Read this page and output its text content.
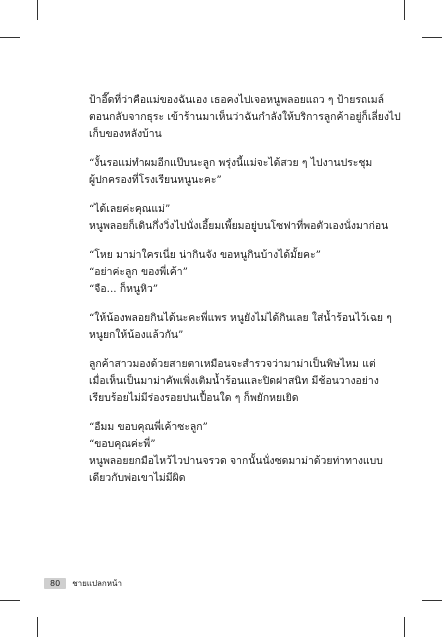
ป้าอี๊ดที่ว่าคือแม่ของฉันเอง เธอคงไปเจอหนูพลอยแถว ๆ ป้ายรถเมล์
ตอนกลับจากธุระ เข้าร้านมาเห็นว่าฉันกำลังให้บริการลูกค้าอยู่ก็เลี่ยงไป
เก็บของหลังบ้าน

“งั้นรอแม่ทำผมอีกแป๊บนะลูก พรุ่งนี้แม่จะได้สวย ๆ ไปงานประชุม
ผู้ปกครองที่โรงเรียนหนูนะคะ”

“ได้เลยค่ะคุณแม่”
หนูพลอยก็เดินกึ่งวิ่งไปนั่งเอี้ยมเพี้ยมอยู่บนโซฟาที่พอตัวเองนั่งมาก่อน

“โหย มาม่าใครเนี่ย น่ากินจัง ขอหนูกินบ้างได้มั้ยคะ”
“อย่าค่ะลูก ของพี่เค้า”
“จือ... ก็หนูหิว”

“ให้น้องพลอยกินได้นะคะพี่แพร หนูยังไม่ได้กินเลย ใส่น้ำร้อนไว้เฉย ๆ
หนูยกให้น้องแล้วกัน”

ลูกค้าสาวมองด้วยสายตาเหมือนจะสำรวจว่ามาม่าเป็นพิษไหม แต่
เมื่อเห็นเป็นมาม่าคัพเพิ่งเติมน้ำร้อนและปิดฝาสนิท มีช้อนวางอย่าง
เรียบร้อยไม่มีร่องรอยปนเปื้อนใด ๆ ก็พยักหยเยิด

“อืมม ขอบคุณพี่เค้าซะลูก”
“ขอบคุณค่ะพี่”
หนูพลอยยกมือไหว้ไวปานจรวด จากนั้นนั่งซดมาม่าด้วยท่าทางแบบ
เดียวกับพ่อเขาไม่มีผิด

80	ชายแปลกหน้า
